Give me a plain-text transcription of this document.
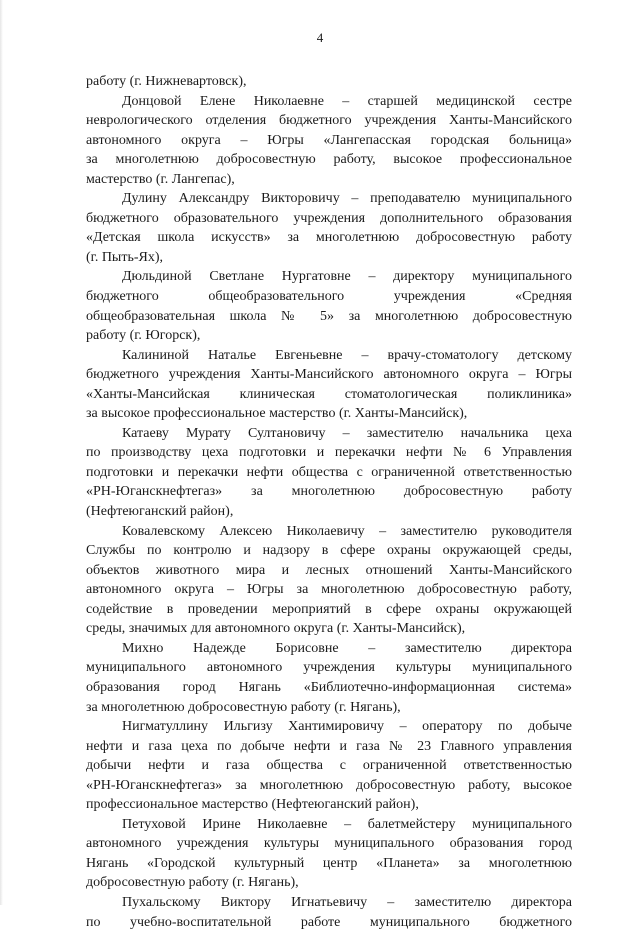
4
работу (г. Нижневартовск),
Донцовой Елене Николаевне – старшей медицинской сестре
неврологического отделения бюджетного учреждения Ханты-Мансийского
автономного округа – Югры «Лангепасская городская больница»
за многолетнюю добросовестную работу, высокое профессиональное
мастерство (г. Лангепас),
Дулину Александру Викторовичу – преподавателю муниципального
бюджетного образовательного учреждения дополнительного образования
«Детская школа искусств» за многолетнюю добросовестную работу
(г. Пыть-Ях),
Дюльдиной Светлане Нургатовне – директору муниципального
бюджетного общеобразовательного учреждения «Средняя
общеобразовательная школа № 5» за многолетнюю добросовестную
работу (г. Югорск),
Калининой Наталье Евгеньевне – врачу-стоматологу детскому
бюджетного учреждения Ханты-Мансийского автономного округа – Югры
«Ханты-Мансийская клиническая стоматологическая поликлиника»
за высокое профессиональное мастерство (г. Ханты-Мансийск),
Катаеву Мурату Султановичу – заместителю начальника цеха
по производству цеха подготовки и перекачки нефти № 6 Управления
подготовки и перекачки нефти общества с ограниченной ответственностью
«РН-Юганскнефтегаз» за многолетнюю добросовестную работу
(Нефтеюганский район),
Ковалевскому Алексею Николаевичу – заместителю руководителя
Службы по контролю и надзору в сфере охраны окружающей среды,
объектов животного мира и лесных отношений Ханты-Мансийского
автономного округа – Югры за многолетнюю добросовестную работу,
содействие в проведении мероприятий в сфере охраны окружающей
среды, значимых для автономного округа (г. Ханты-Мансийск),
Михно Надежде Борисовне – заместителю директора
муниципального автономного учреждения культуры муниципального
образования город Нягань «Библиотечно-информационная система»
за многолетнюю добросовестную работу (г. Нягань),
Нигматуллину Ильгизу Хантимировичу – оператору по добыче
нефти и газа цеха по добыче нефти и газа № 23 Главного управления
добычи нефти и газа общества с ограниченной ответственностью
«РН-Юганскнефтегаз» за многолетнюю добросовестную работу, высокое
профессиональное мастерство (Нефтеюганский район),
Петуховой Ирине Николаевне – балетмейстеру муниципального
автономного учреждения культуры муниципального образования город
Нягань «Городской культурный центр «Планета» за многолетнюю
добросовестную работу (г. Нягань),
Пухальскому Виктору Игнатьевичу – заместителю директора
по учебно-воспитательной работе муниципального бюджетного
